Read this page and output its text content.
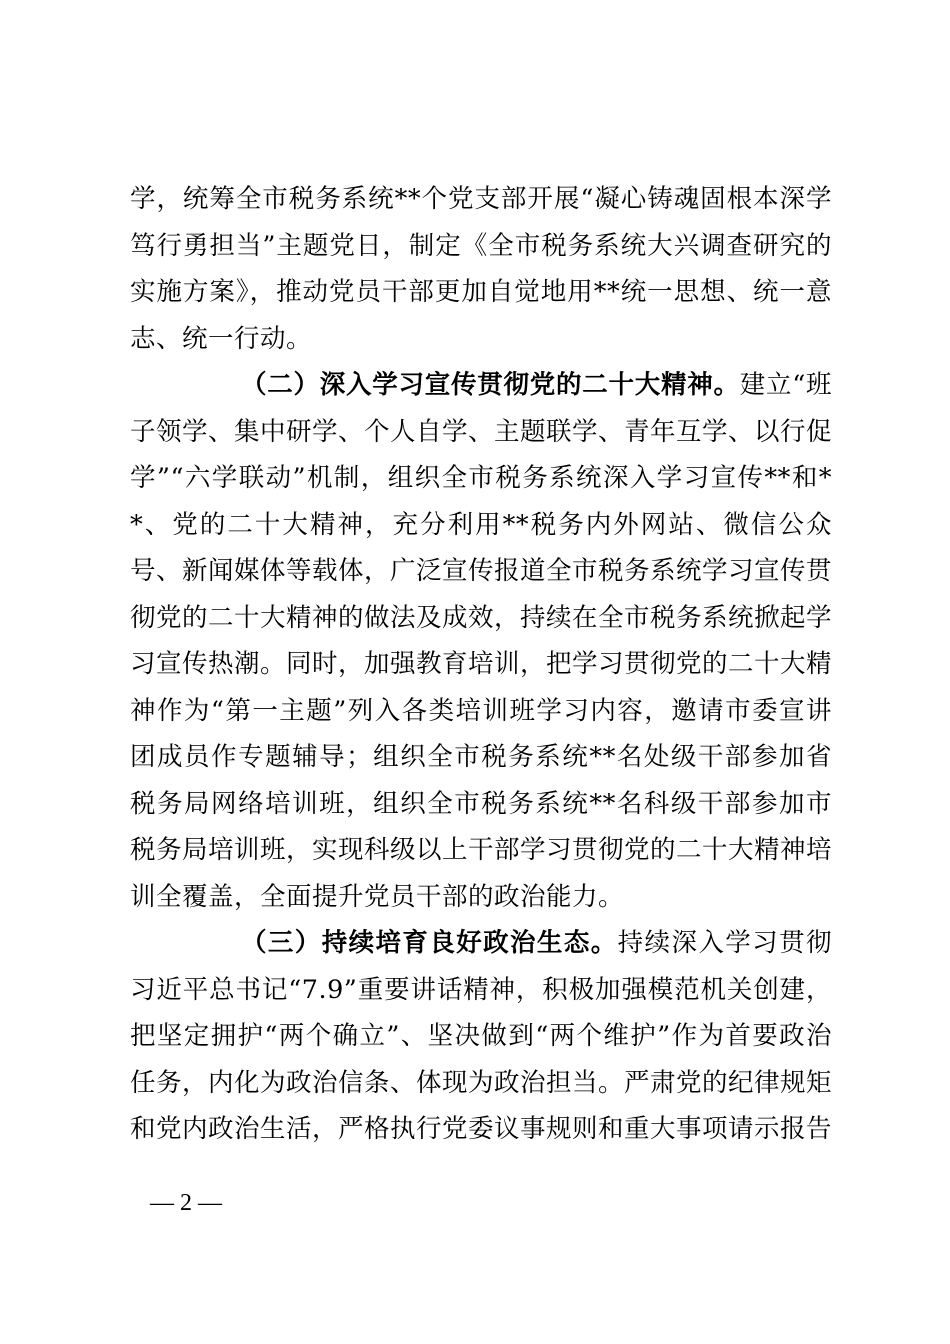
学，统筹全市税务系统**个党支部开展“凝心铸魂固根本深学笃行勇担当”主题党日，制定《全市税务系统大兴调查研究的实施方案》，推动党员干部更加自觉地用**统一思想、统一意志、统一行动。

（二）深入学习宣传贯彻党的二十大精神。建立“班子领学、集中研学、个人自学、主题联学、青年互学、以行促学”“六学联动”机制，组织全市税务系统深入学习宣传**和**、党的二十大精神，充分利用**税务内外网站、微信公众号、新闻媒体等载体，广泛宣传报道全市税务系统学习宣传贯彻党的二十大精神的做法及成效，持续在全市税务系统掀起学习宣传热潮。同时，加强教育培训，把学习贯彻党的二十大精神作为“第一主题”列入各类培训班学习内容，邀请市委宣讲团成员作专题辅导；组织全市税务系统**名处级干部参加省税务局网络培训班，组织全市税务系统**名科级干部参加市税务局培训班，实现科级以上干部学习贯彻党的二十大精神培训全覆盖，全面提升党员干部的政治能力。

（三）持续培育良好政治生态。持续深入学习贯彻习近平总书记“7.9”重要讲话精神，积极加强模范机关创建，把坚定拥护“两个确立”、坚决做到“两个维护”作为首要政治任务，内化为政治信条、体现为政治担当。严肃党的纪律规矩和党内政治生活，严格执行党委议事规则和重大事项请示报告

— 2 —
